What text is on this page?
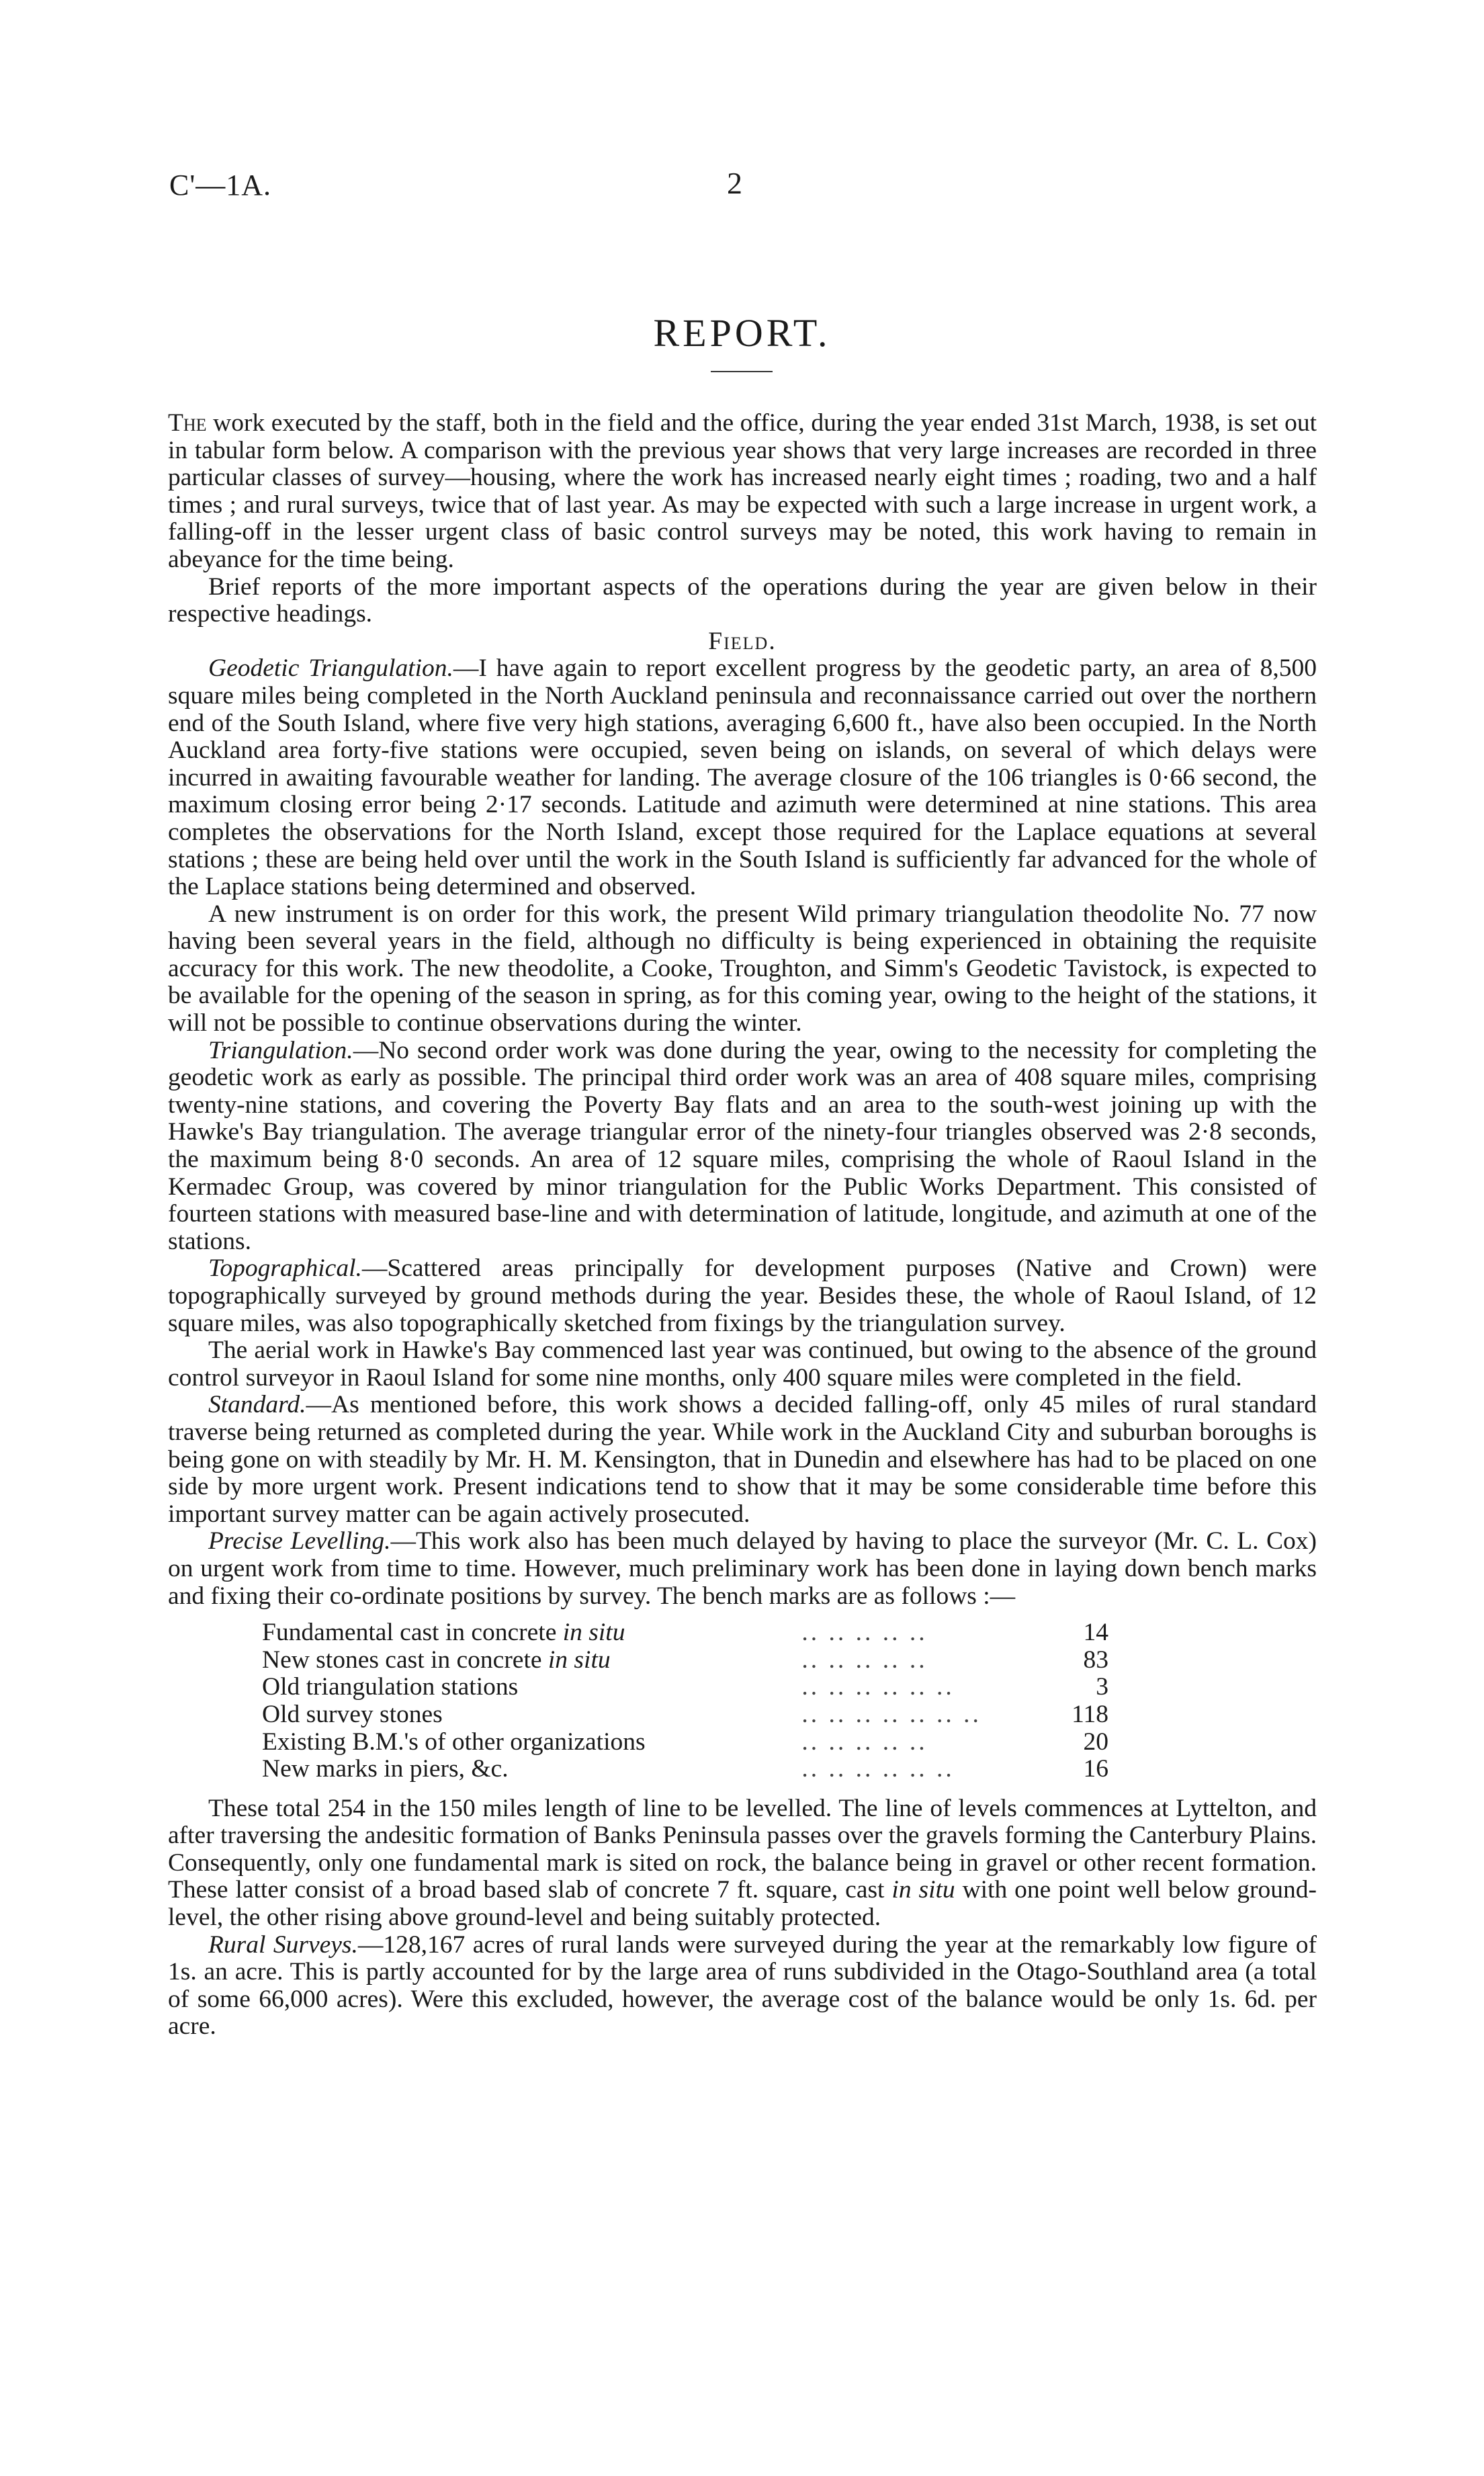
C'—1A.	2
REPORT.

The work executed by the staff, both in the field and the office, during the year ended 31st March, 1938, is set out in tabular form below. A comparison with the previous year shows that very large increases are recorded in three particular classes of survey—housing, where the work has increased nearly eight times ; roading, two and a half times ; and rural surveys, twice that of last year. As may be expected with such a large increase in urgent work, a falling-off in the lesser urgent class of basic control surveys may be noted, this work having to remain in abeyance for the time being.

Brief reports of the more important aspects of the operations during the year are given below in their respective headings.

Field.

Geodetic Triangulation.—I have again to report excellent progress by the geodetic party, an area of 8,500 square miles being completed in the North Auckland peninsula and reconnaissance carried out over the northern end of the South Island, where five very high stations, averaging 6,600 ft., have also been occupied. In the North Auckland area forty-five stations were occupied, seven being on islands, on several of which delays were incurred in awaiting favourable weather for landing. The average closure of the 106 triangles is 0·66 second, the maximum closing error being 2·17 seconds. Latitude and azimuth were determined at nine stations. This area completes the observations for the North Island, except those required for the Laplace equations at several stations ; these are being held over until the work in the South Island is sufficiently far advanced for the whole of the Laplace stations being determined and observed.

A new instrument is on order for this work, the present Wild primary triangulation theodolite No. 77 now having been several years in the field, although no difficulty is being experienced in obtaining the requisite accuracy for this work. The new theodolite, a Cooke, Troughton, and Simm's Geodetic Tavistock, is expected to be available for the opening of the season in spring, as for this coming year, owing to the height of the stations, it will not be possible to continue observations during the winter.

Triangulation.—No second order work was done during the year, owing to the necessity for completing the geodetic work as early as possible. The principal third order work was an area of 408 square miles, comprising twenty-nine stations, and covering the Poverty Bay flats and an area to the south-west joining up with the Hawke's Bay triangulation. The average triangular error of the ninety-four triangles observed was 2·8 seconds, the maximum being 8·0 seconds. An area of 12 square miles, comprising the whole of Raoul Island in the Kermadec Group, was covered by minor triangulation for the Public Works Department. This consisted of fourteen stations with measured base-line and with determination of latitude, longitude, and azimuth at one of the stations.

Topographical.—Scattered areas principally for development purposes (Native and Crown) were topographically surveyed by ground methods during the year. Besides these, the whole of Raoul Island, of 12 square miles, was also topographically sketched from fixings by the triangulation survey.

The aerial work in Hawke's Bay commenced last year was continued, but owing to the absence of the ground control surveyor in Raoul Island for some nine months, only 400 square miles were completed in the field.

Standard.—As mentioned before, this work shows a decided falling-off, only 45 miles of rural standard traverse being returned as completed during the year. While work in the Auckland City and suburban boroughs is being gone on with steadily by Mr. H. M. Kensington, that in Dunedin and elsewhere has had to be placed on one side by more urgent work. Present indications tend to show that it may be some considerable time before this important survey matter can be again actively prosecuted.

Precise Levelling.—This work also has been much delayed by having to place the surveyor (Mr. C. L. Cox) on urgent work from time to time. However, much preliminary work has been done in laying down bench marks and fixing their co-ordinate positions by survey. The bench marks are as follows :—

Fundamental cast in concrete in situ	.. .. .. .. ..	14
New stones cast in concrete in situ	.. .. .. .. ..	83
Old triangulation stations	.. .. .. .. .. ..	3
Old survey stones	.. .. .. .. .. .. ..	118
Existing B.M.'s of other organizations	.. .. .. .. ..	20
New marks in piers, &c.	.. .. .. .. .. ..	16

These total 254 in the 150 miles length of line to be levelled. The line of levels commences at Lyttelton, and after traversing the andesitic formation of Banks Peninsula passes over the gravels forming the Canterbury Plains. Consequently, only one fundamental mark is sited on rock, the balance being in gravel or other recent formation. These latter consist of a broad based slab of concrete 7 ft. square, cast in situ with one point well below ground-level, the other rising above ground-level and being suitably protected.

Rural Surveys.—128,167 acres of rural lands were surveyed during the year at the remarkably low figure of 1s. an acre. This is partly accounted for by the large area of runs subdivided in the Otago-Southland area (a total of some 66,000 acres). Were this excluded, however, the average cost of the balance would be only 1s. 6d. per acre.
